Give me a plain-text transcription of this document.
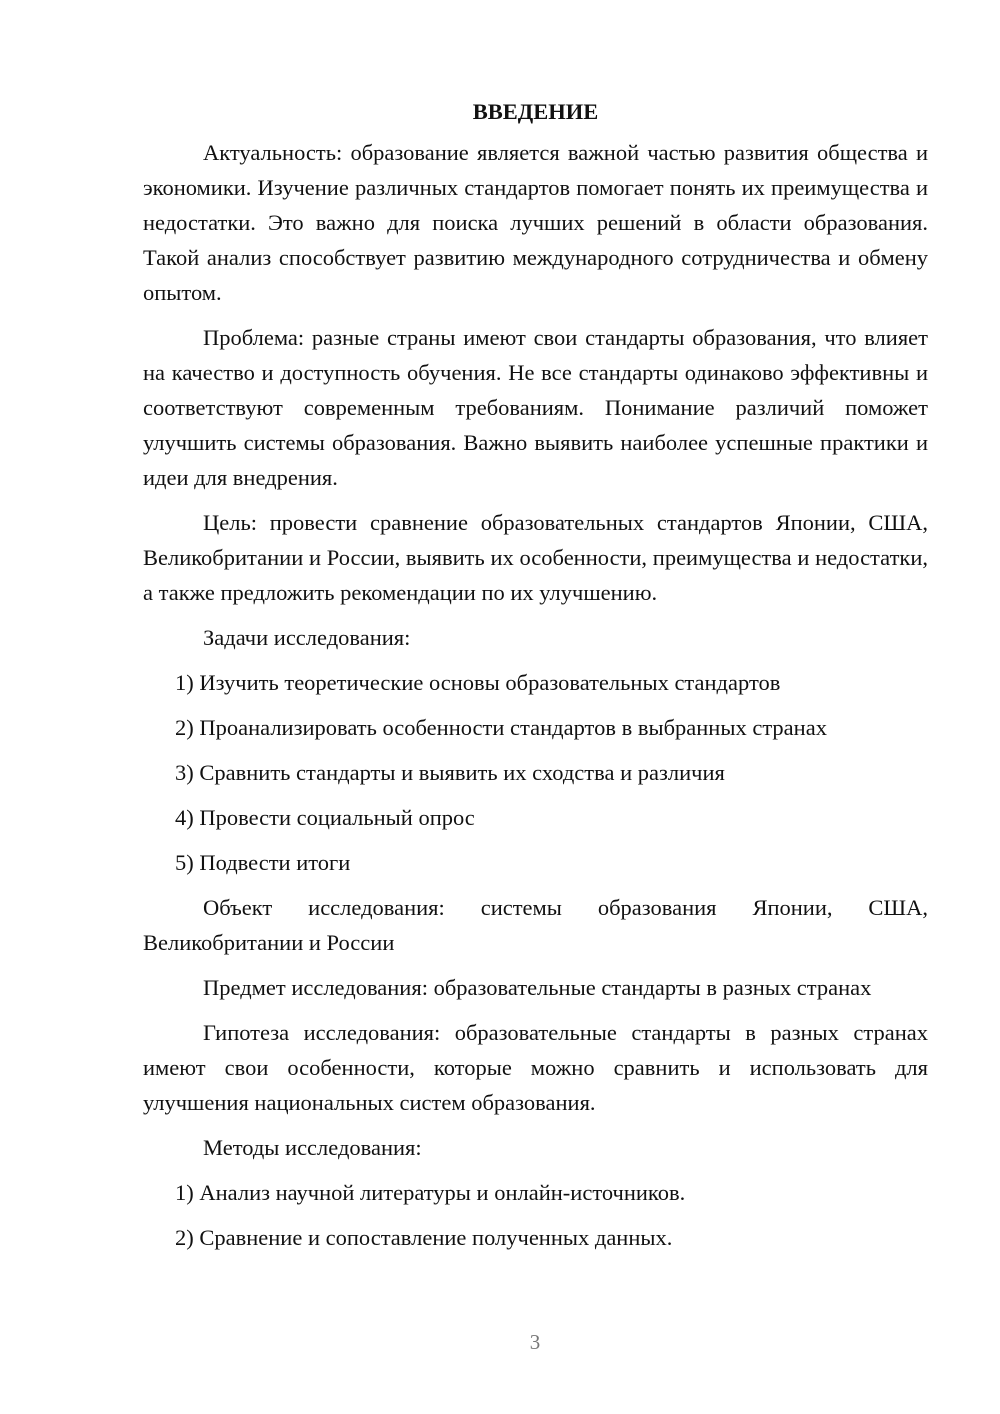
ВВЕДЕНИЕ

Актуальность: образование является важной частью развития общества и экономики. Изучение различных стандартов помогает понять их преимущества и недостатки. Это важно для поиска лучших решений в области образования. Такой анализ способствует развитию международного сотрудничества и обмену опытом.

Проблема: разные страны имеют свои стандарты образования, что влияет на качество и доступность обучения. Не все стандарты одинаково эффективны и соответствуют современным требованиям. Понимание различий поможет улучшить системы образования. Важно выявить наиболее успешные практики и идеи для внедрения.

Цель: провести сравнение образовательных стандартов Японии, США, Великобритании и России, выявить их особенности, преимущества и недостатки, а также предложить рекомендации по их улучшению.

Задачи исследования:

1) Изучить теоретические основы образовательных стандартов

2) Проанализировать особенности стандартов в выбранных странах

3) Сравнить стандарты и выявить их сходства и различия

4) Провести социальный опрос

5) Подвести итоги

Объект исследования: системы образования Японии, США, Великобритании и России

Предмет исследования: образовательные стандарты в разных странах

Гипотеза исследования: образовательные стандарты в разных странах имеют свои особенности, которые можно сравнить и использовать для улучшения национальных систем образования.

Методы исследования:

1) Анализ научной литературы и онлайн-источников.

2) Сравнение и сопоставление полученных данных.

3
